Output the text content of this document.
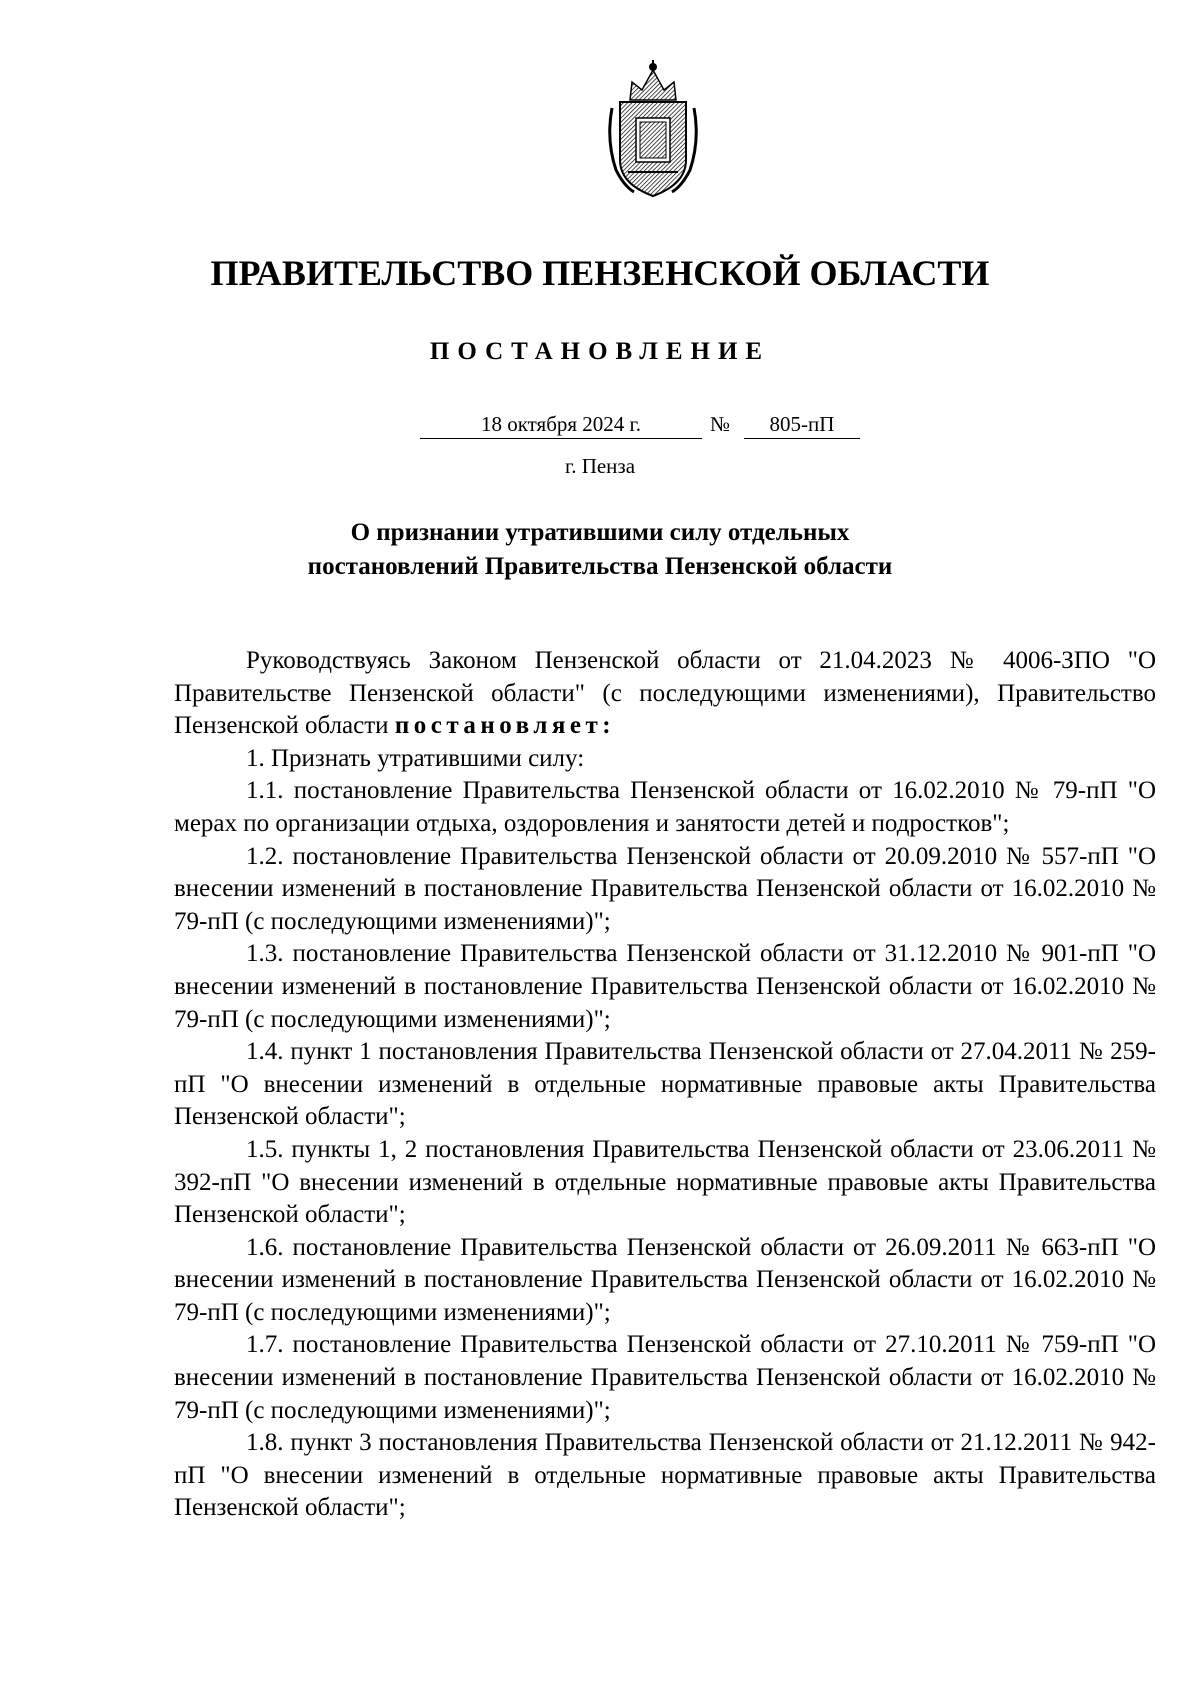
ПРАВИТЕЛЬСТВО ПЕНЗЕНСКОЙ ОБЛАСТИ
ПОСТАНОВЛЕНИЕ
18 октября 2024 г.	№	805-пП
г. Пенза
О признании утратившими силу отдельных
постановлений Правительства Пензенской области

Руководствуясь Законом Пензенской области от 21.04.2023 № 4006-ЗПО "О Правительстве Пензенской области" (с последующими изменениями), Правительство Пензенской области постановляет:

1. Признать утратившими силу:

1.1. постановление Правительства Пензенской области от 16.02.2010 № 79-пП "О мерах по организации отдыха, оздоровления и занятости детей и подростков";

1.2. постановление Правительства Пензенской области от 20.09.2010 № 557-пП "О внесении изменений в постановление Правительства Пензенской области от 16.02.2010 № 79-пП (с последующими изменениями)";

1.3. постановление Правительства Пензенской области от 31.12.2010 № 901-пП "О внесении изменений в постановление Правительства Пензенской области от 16.02.2010 № 79-пП (с последующими изменениями)";

1.4. пункт 1 постановления Правительства Пензенской области от 27.04.2011 № 259-пП "О внесении изменений в отдельные нормативные правовые акты Правительства Пензенской области";

1.5. пункты 1, 2 постановления Правительства Пензенской области от 23.06.2011 № 392-пП "О внесении изменений в отдельные нормативные правовые акты Правительства Пензенской области";

1.6. постановление Правительства Пензенской области от 26.09.2011 № 663-пП "О внесении изменений в постановление Правительства Пензенской области от 16.02.2010 № 79-пП (с последующими изменениями)";

1.7. постановление Правительства Пензенской области от 27.10.2011 № 759-пП "О внесении изменений в постановление Правительства Пензенской области от 16.02.2010 № 79-пП (с последующими изменениями)";

1.8. пункт 3 постановления Правительства Пензенской области от 21.12.2011 № 942-пП "О внесении изменений в отдельные нормативные правовые акты Правительства Пензенской области";
